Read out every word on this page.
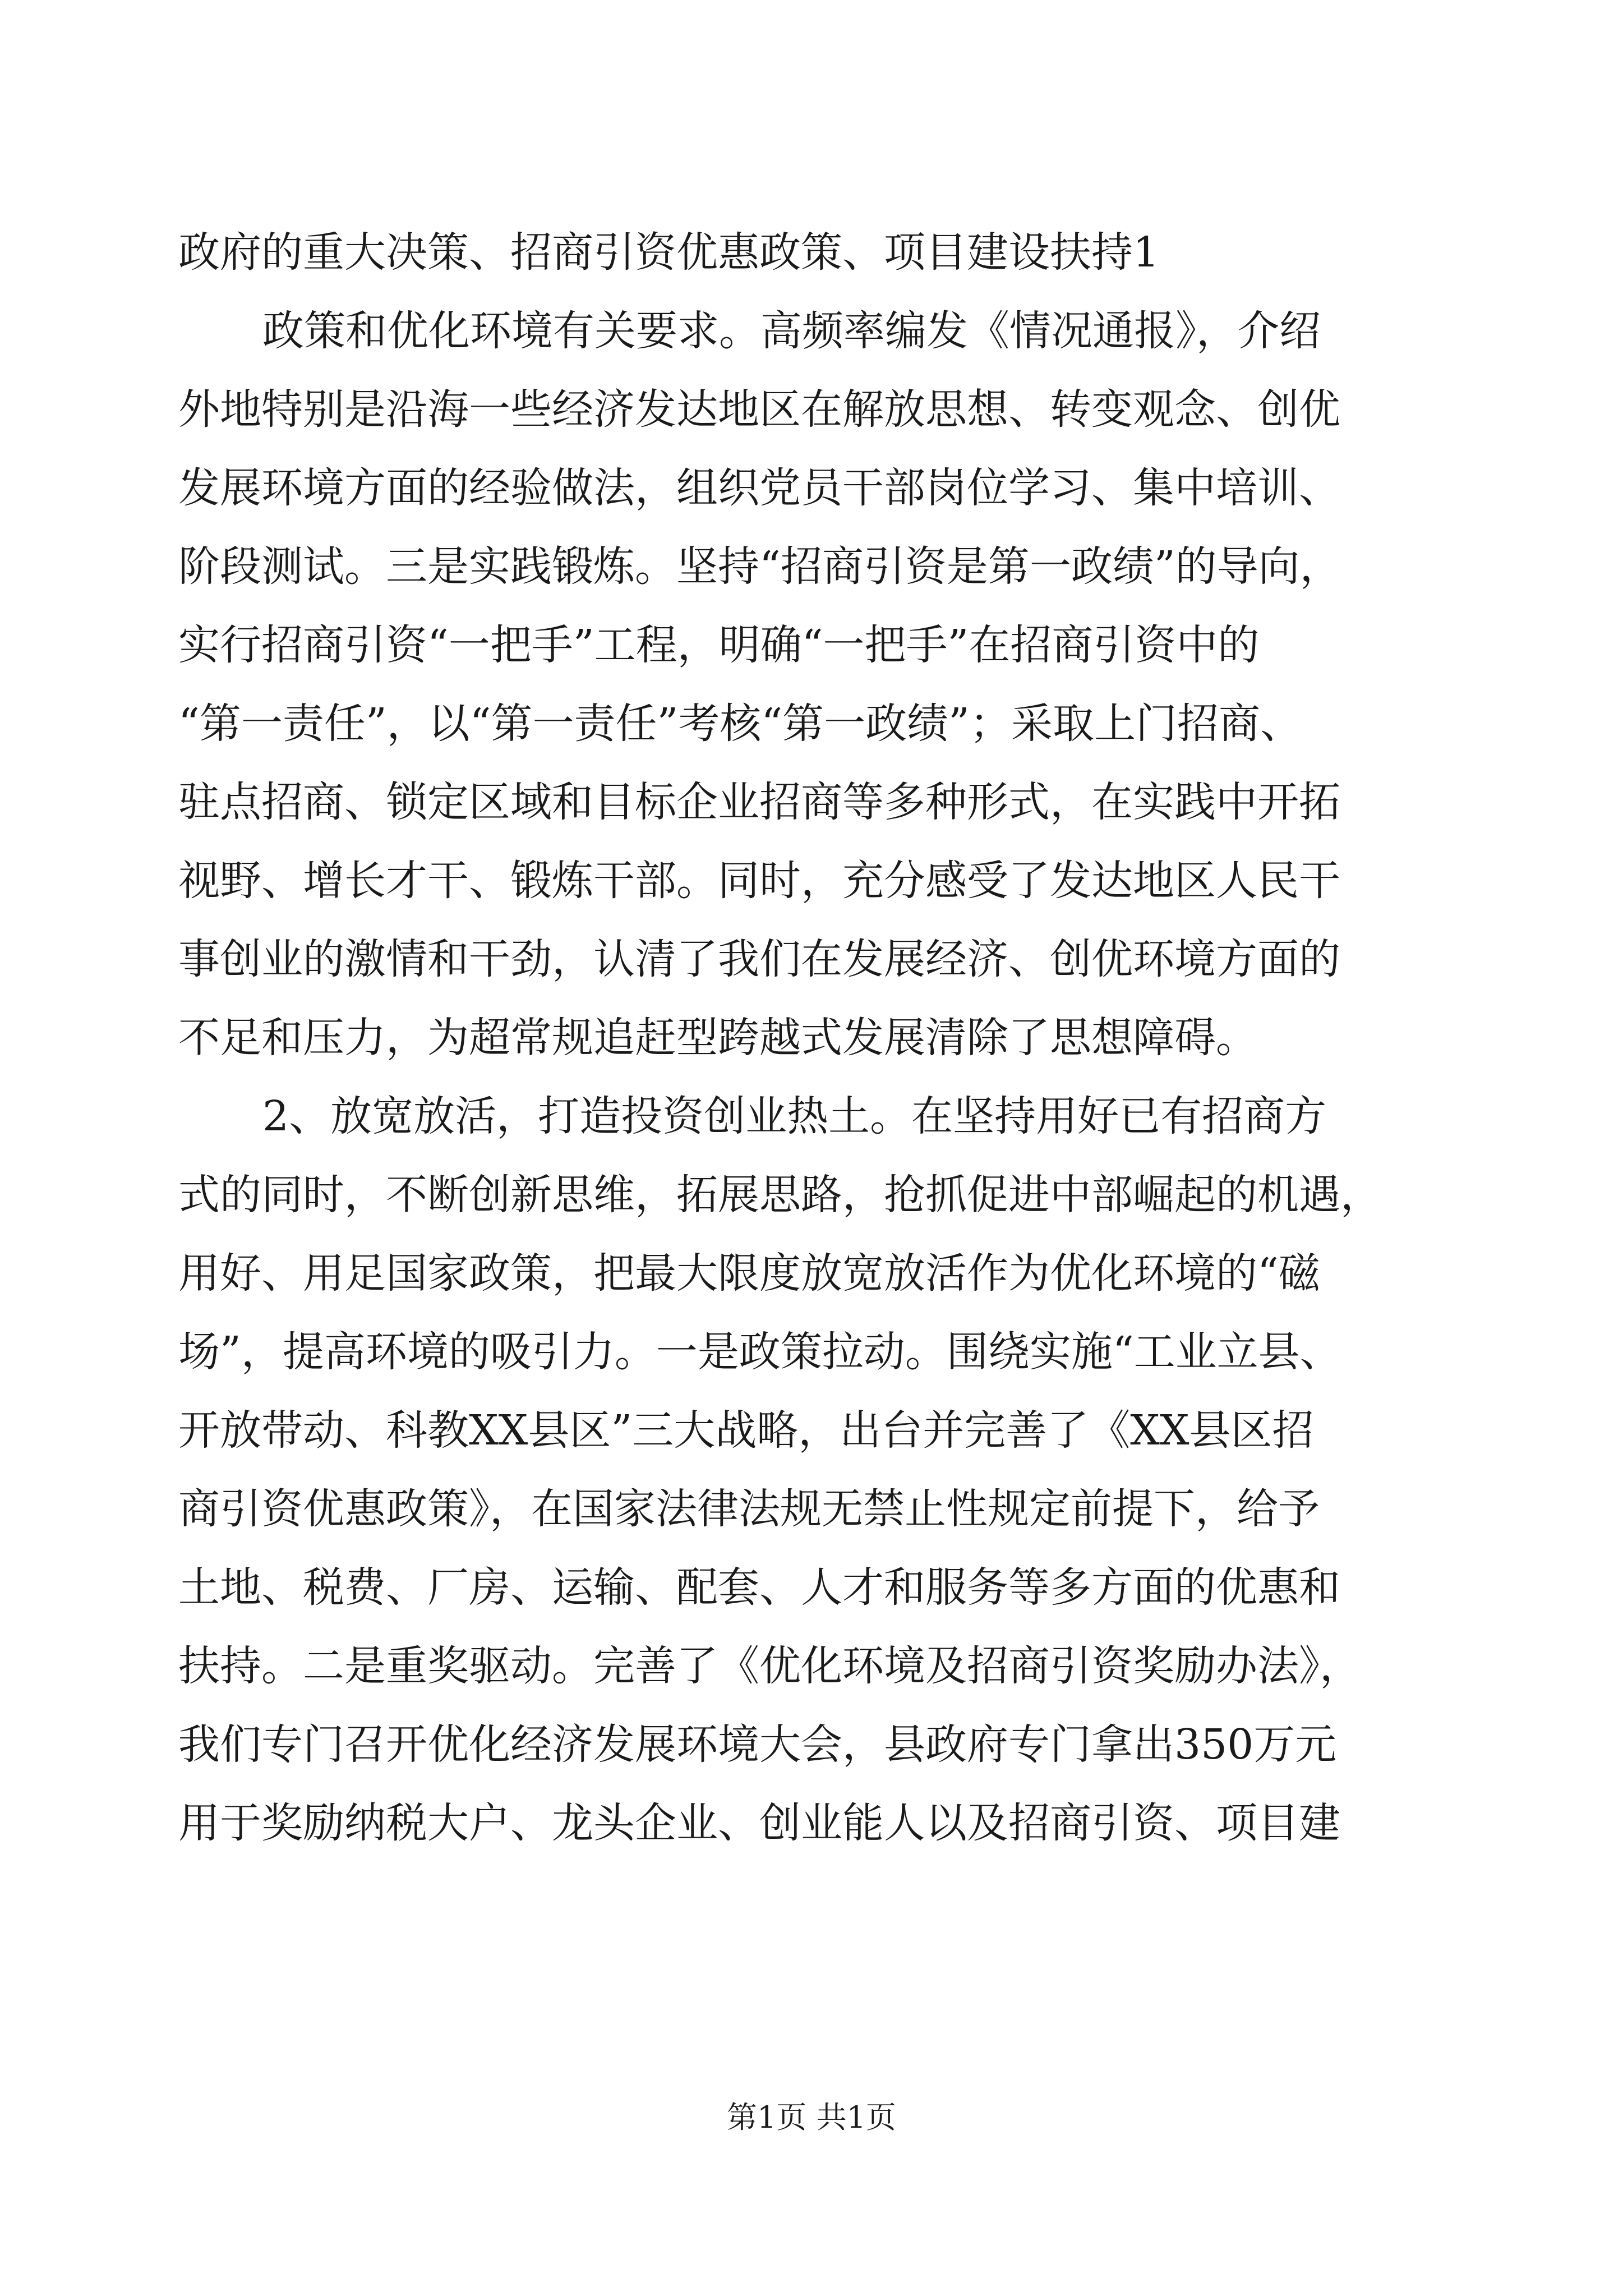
政府的重大决策、招商引资优惠政策、项目建设扶持1
政策和优化环境有关要求。高频率编发《情况通报》，介绍
外地特别是沿海一些经济发达地区在解放思想、转变观念、创优
发展环境方面的经验做法，组织党员干部岗位学习、集中培训、
阶段测试。三是实践锻炼。坚持“招商引资是第一政绩”的导向，
实行招商引资“一把手”工程，明确“一把手”在招商引资中的
“第一责任”，以“第一责任”考核“第一政绩”；采取上门招商、
驻点招商、锁定区域和目标企业招商等多种形式，在实践中开拓
视野、增长才干、锻炼干部。同时，充分感受了发达地区人民干
事创业的激情和干劲，认清了我们在发展经济、创优环境方面的
不足和压力，为超常规追赶型跨越式发展清除了思想障碍。
2、放宽放活，打造投资创业热土。在坚持用好已有招商方
式的同时，不断创新思维，拓展思路，抢抓促进中部崛起的机遇，
用好、用足国家政策，把最大限度放宽放活作为优化环境的“磁
场”，提高环境的吸引力。一是政策拉动。围绕实施“工业立县、
开放带动、科教XX县区”三大战略，出台并完善了《XX县区招
商引资优惠政策》，在国家法律法规无禁止性规定前提下，给予
土地、税费、厂房、运输、配套、人才和服务等多方面的优惠和
扶持。二是重奖驱动。完善了《优化环境及招商引资奖励办法》，
我们专门召开优化经济发展环境大会，县政府专门拿出350万元
用于奖励纳税大户、龙头企业、创业能人以及招商引资、项目建
第1页 共1页
